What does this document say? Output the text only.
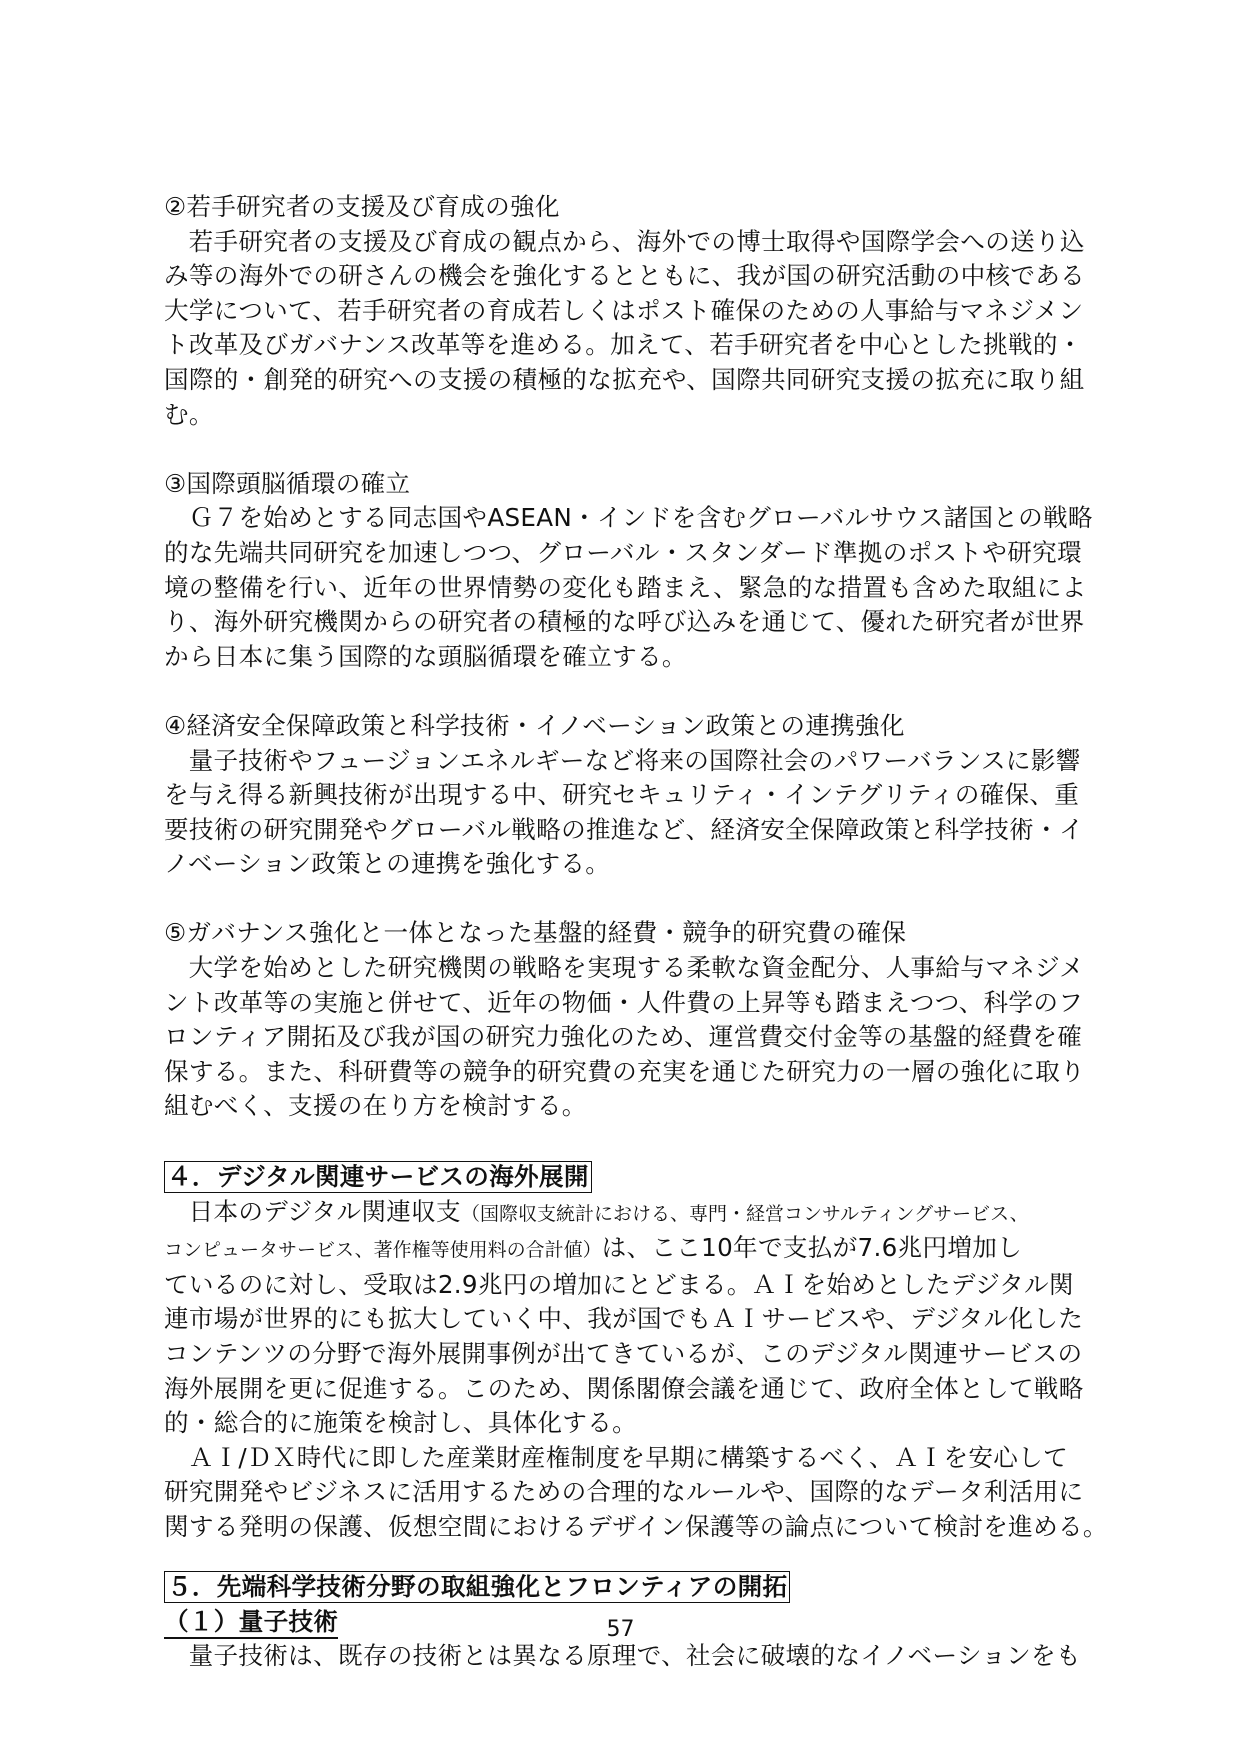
②若手研究者の支援及び育成の強化

若手研究者の支援及び育成の観点から、海外での博士取得や国際学会への送り込
み等の海外での研さんの機会を強化するとともに、我が国の研究活動の中核である
大学について、若手研究者の育成若しくはポスト確保のための人事給与マネジメン
ト改革及びガバナンス改革等を進める。加えて、若手研究者を中心とした挑戦的・
国際的・創発的研究への支援の積極的な拡充や、国際共同研究支援の拡充に取り組
む。

③国際頭脳循環の確立

Ｇ７を始めとする同志国やASEAN・インドを含むグローバルサウス諸国との戦略
的な先端共同研究を加速しつつ、グローバル・スタンダード準拠のポストや研究環
境の整備を行い、近年の世界情勢の変化も踏まえ、緊急的な措置も含めた取組によ
り、海外研究機関からの研究者の積極的な呼び込みを通じて、優れた研究者が世界
から日本に集う国際的な頭脳循環を確立する。

④経済安全保障政策と科学技術・イノベーション政策との連携強化

量子技術やフュージョンエネルギーなど将来の国際社会のパワーバランスに影響
を与え得る新興技術が出現する中、研究セキュリティ・インテグリティの確保、重
要技術の研究開発やグローバル戦略の推進など、経済安全保障政策と科学技術・イ
ノベーション政策との連携を強化する。

⑤ガバナンス強化と一体となった基盤的経費・競争的研究費の確保

大学を始めとした研究機関の戦略を実現する柔軟な資金配分、人事給与マネジメ
ント改革等の実施と併せて、近年の物価・人件費の上昇等も踏まえつつ、科学のフ
ロンティア開拓及び我が国の研究力強化のため、運営費交付金等の基盤的経費を確
保する。また、科研費等の競争的研究費の充実を通じた研究力の一層の強化に取り
組むべく、支援の在り方を検討する。

４．デジタル関連サービスの海外展開

日本のデジタル関連収支（国際収支統計における、専門・経営コンサルティングサービス、
コンピュータサービス、著作権等使用料の合計値）は、ここ10年で支払が7.6兆円増加し
ているのに対し、受取は2.9兆円の増加にとどまる。ＡＩを始めとしたデジタル関
連市場が世界的にも拡大していく中、我が国でもＡＩサービスや、デジタル化した
コンテンツの分野で海外展開事例が出てきているが、このデジタル関連サービスの
海外展開を更に促進する。このため、関係閣僚会議を通じて、政府全体として戦略
的・総合的に施策を検討し、具体化する。

ＡＩ/ＤＸ時代に即した産業財産権制度を早期に構築するべく、ＡＩを安心して
研究開発やビジネスに活用するための合理的なルールや、国際的なデータ利活用に
関する発明の保護、仮想空間におけるデザイン保護等の論点について検討を進める。

５．先端科学技術分野の取組強化とフロンティアの開拓
（１）量子技術

量子技術は、既存の技術とは異なる原理で、社会に破壊的なイノベーションをも

57
